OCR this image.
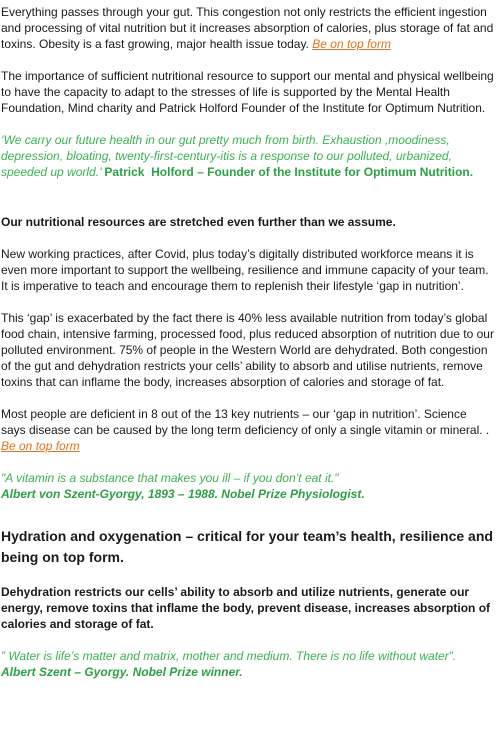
Everything passes through your gut. This congestion not only restricts the efficient ingestion and processing of vital nutrition but it increases absorption of calories, plus storage of fat and toxins. Obesity is a fast growing, major health issue today. Be on top form

The importance of sufficient nutritional resource to support our mental and physical wellbeing to have the capacity to adapt to the stresses of life is supported by the Mental Health Foundation, Mind charity and Patrick Holford Founder of the Institute for Optimum Nutrition.

‘We carry our future health in our gut pretty much from birth. Exhaustion ,moodiness, depression, bloating, twenty-first-century-itis is a response to our polluted, urbanized, speeded up world.’ Patrick Holford – Founder of the Institute for Optimum Nutrition.

Our nutritional resources are stretched even further than we assume.

New working practices, after Covid, plus today’s digitally distributed workforce means it is even more important to support the wellbeing, resilience and immune capacity of your team. It is imperative to teach and encourage them to replenish their lifestyle ‘gap in nutrition’.

This ‘gap’ is exacerbated by the fact there is 40% less available nutrition from today’s global food chain, intensive farming, processed food, plus reduced absorption of nutrition due to our polluted environment. 75% of people in the Western World are dehydrated. Both congestion of the gut and dehydration restricts your cells’ ability to absorb and utilise nutrients, remove toxins that can inflame the body, increases absorption of calories and storage of fat.

Most people are deficient in 8 out of the 13 key nutrients – our ‘gap in nutrition’. Science says disease can be caused by the long term deficiency of only a single vitamin or mineral. . Be on top form

"A vitamin is a substance that makes you ill – if you don’t eat it."

Albert von Szent-Gyorgy, 1893 – 1988. Nobel Prize Physiologist.

Hydration and oxygenation – critical for your team’s health, resilience and being on top form.

Dehydration restricts our cells’ ability to absorb and utilize nutrients, generate our energy, remove toxins that inflame the body, prevent disease, increases absorption of calories and storage of fat.

” Water is life’s matter and matrix, mother and medium. There is no life without water”.

Albert Szent – Gyorgy. Nobel Prize winner.
